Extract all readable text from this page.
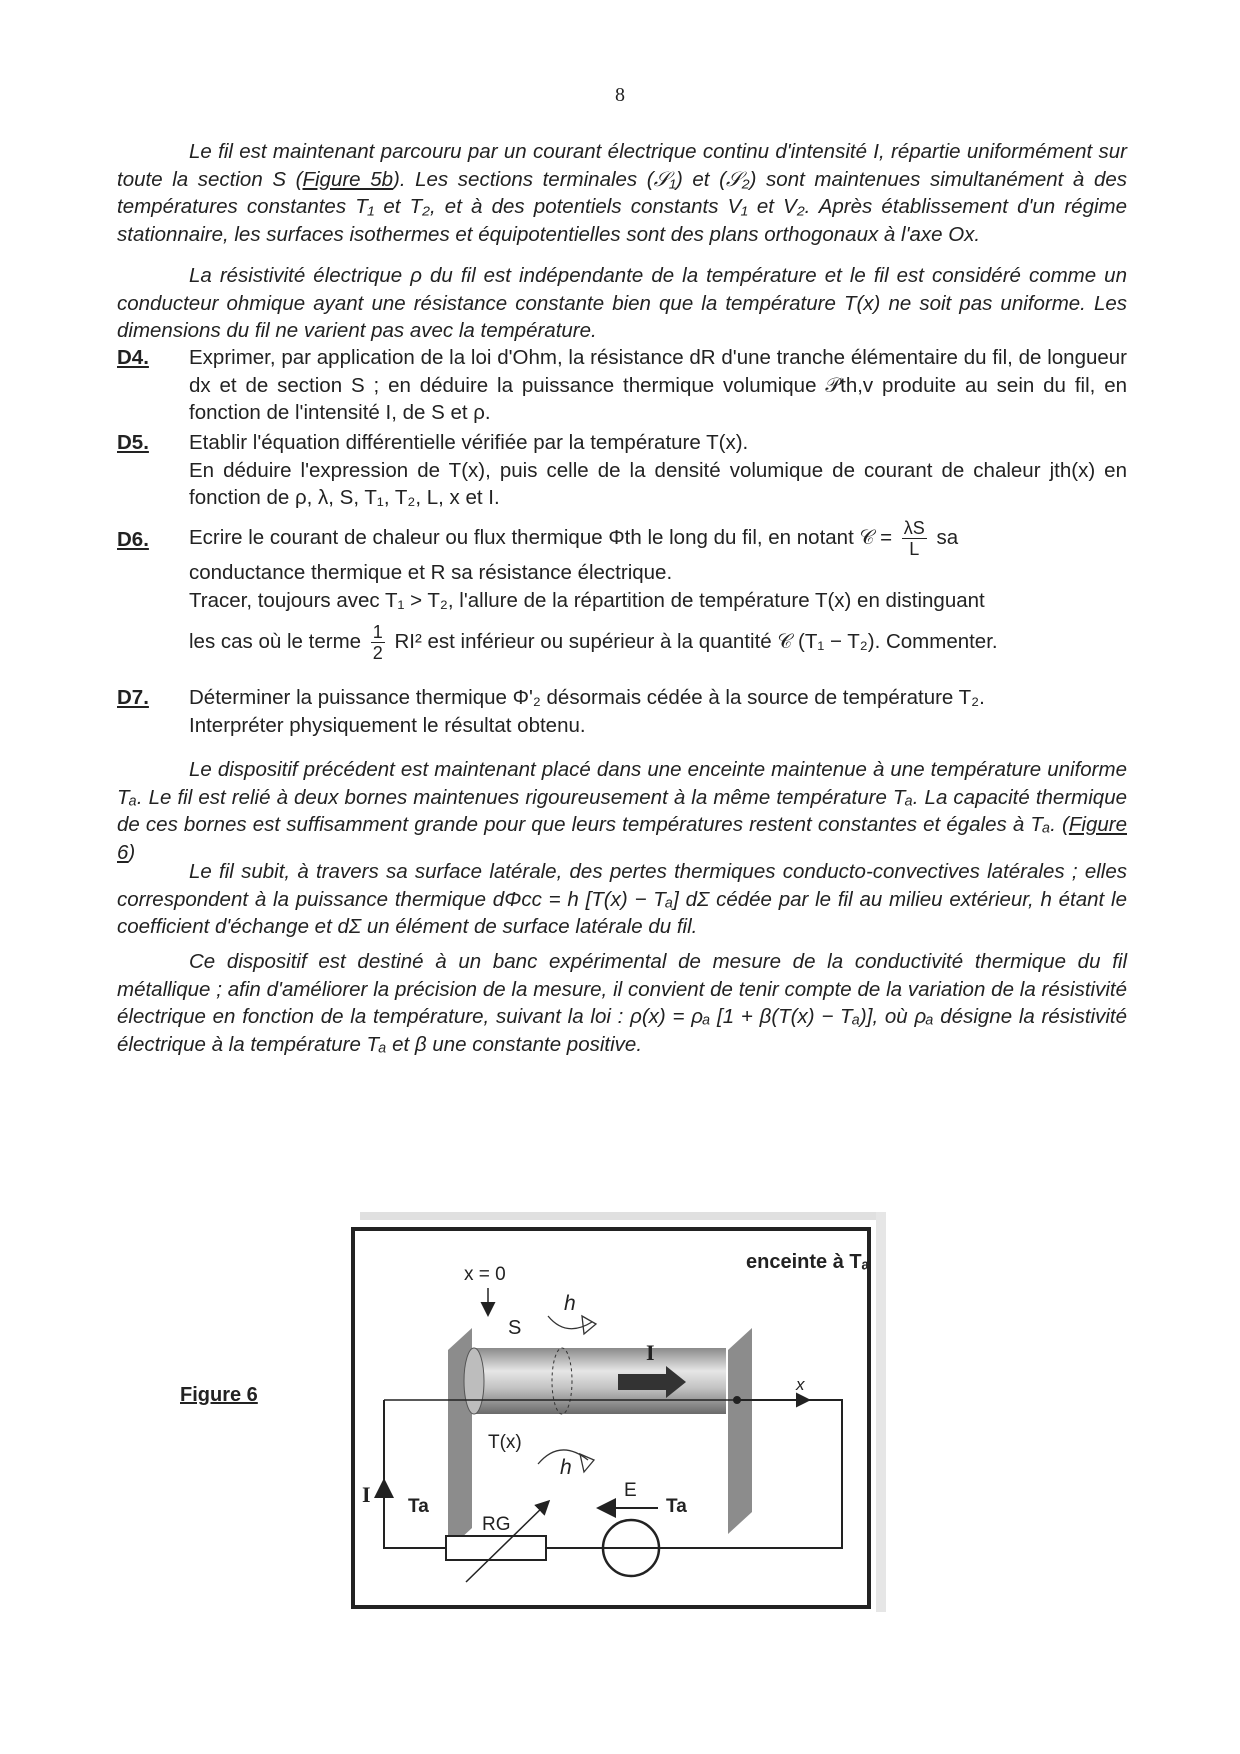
8
Le fil est maintenant parcouru par un courant électrique continu d'intensité I, répartie uniformément sur toute la section S (Figure 5b). Les sections terminales (𝒮₁) et (𝒮₂) sont maintenues simultanément à des températures constantes T₁ et T₂, et à des potentiels constants V₁ et V₂. Après établissement d'un régime stationnaire, les surfaces isothermes et équipotentielles sont des plans orthogonaux à l'axe Ox.
La résistivité électrique ρ du fil est indépendante de la température et le fil est considéré comme un conducteur ohmique ayant une résistance constante bien que la température T(x) ne soit pas uniforme. Les dimensions du fil ne varient pas avec la température.
D4. Exprimer, par application de la loi d'Ohm, la résistance dR d'une tranche élémentaire du fil, de longueur dx et de section S ; en déduire la puissance thermique volumique 𝒫th,v produite au sein du fil, en fonction de l'intensité I, de S et ρ.
D5. Etablir l'équation différentielle vérifiée par la température T(x).
En déduire l'expression de T(x), puis celle de la densité volumique de courant de chaleur jth(x) en fonction de ρ, λ, S, T₁, T₂, L, x et I.
D6. Ecrire le courant de chaleur ou flux thermique Φth le long du fil, en notant 𝒞 = $\frac{\lambda S}{L}$ sa
conductance thermique et R sa résistance électrique.
Tracer, toujours avec T₁ > T₂, l'allure de la répartition de température T(x) en distinguant
les cas où le terme $\frac{1}{2} RI^2$ est inférieur ou supérieur à la quantité 𝒞 (T₁ − T₂). Commenter.
D7. Déterminer la puissance thermique Φ'₂ désormais cédée à la source de température T₂.
Interpréter physiquement le résultat obtenu.
Le dispositif précédent est maintenant placé dans une enceinte maintenue à une température uniforme Tₐ. Le fil est relié à deux bornes maintenues rigoureusement à la même température Tₐ. La capacité thermique de ces bornes est suffisamment grande pour que leurs températures restent constantes et égales à Tₐ. (Figure 6)
Le fil subit, à travers sa surface latérale, des pertes thermiques conducto-convectives latérales ; elles correspondent à la puissance thermique dΦcc = h [T(x) − Tₐ] dΣ cédée par le fil au milieu extérieur, h étant le coefficient d'échange et dΣ un élément de surface latérale du fil.
Ce dispositif est destiné à un banc expérimental de mesure de la conductivité thermique du fil métallique ; afin d'améliorer la précision de la mesure, il convient de tenir compte de la variation de la résistivité électrique en fonction de la température, suivant la loi : ρ(x) = ρₐ [1 + β(T(x) − Tₐ)], où ρₐ désigne la résistivité électrique à la température Tₐ et β une constante positive.
Figure 6
enceinte à Tₐ
x = 0
I
x
h
S
T(x)
h
I Ta	Ta
RG
E
